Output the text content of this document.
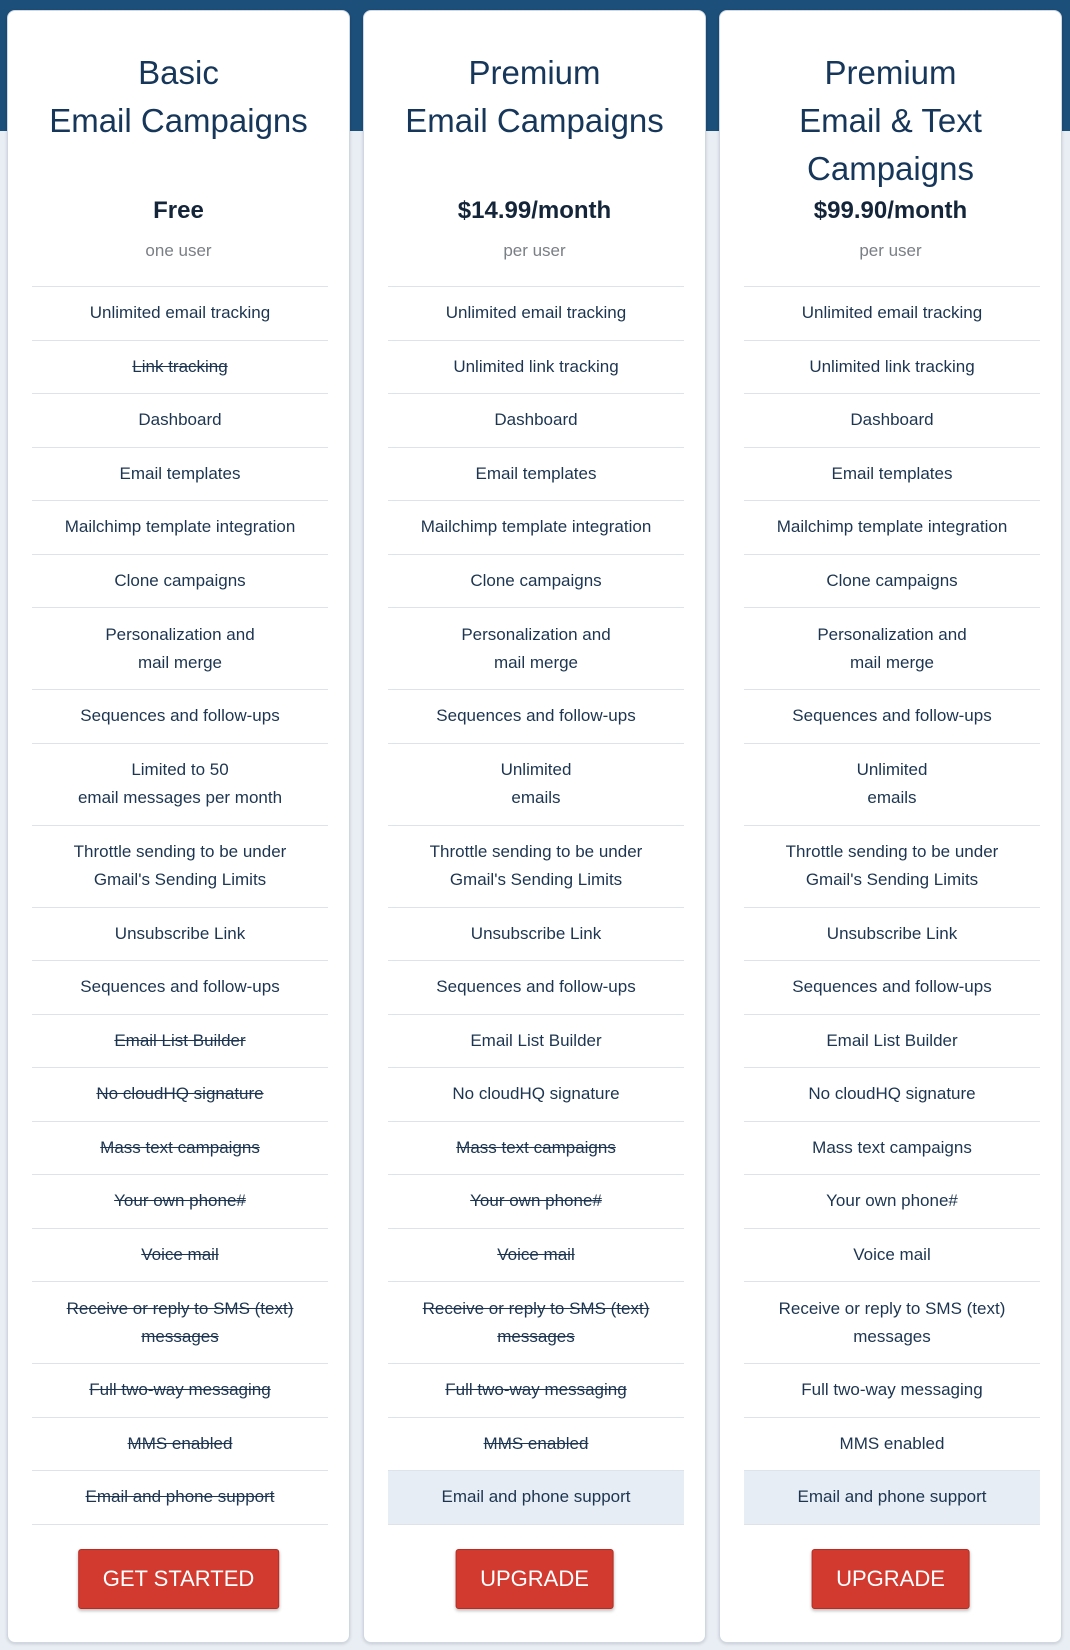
Basic
Email Campaigns
Free
one user
Unlimited email tracking
Link tracking
Dashboard
Email templates
Mailchimp template integration
Clone campaigns
Personalization and
mail merge
Sequences and follow-ups
Limited to 50
email messages per month
Throttle sending to be under
Gmail's Sending Limits
Unsubscribe Link
Sequences and follow-ups
Email List Builder
No cloudHQ signature
Mass text campaigns
Your own phone#
Voice mail
Receive or reply to SMS (text)
messages
Full two-way messaging
MMS enabled
Email and phone support
GET STARTED
Premium
Email Campaigns
$14.99/month
per user
Unlimited email tracking
Unlimited link tracking
Dashboard
Email templates
Mailchimp template integration
Clone campaigns
Personalization and
mail merge
Sequences and follow-ups
Unlimited
emails
Throttle sending to be under
Gmail's Sending Limits
Unsubscribe Link
Sequences and follow-ups
Email List Builder
No cloudHQ signature
Mass text campaigns
Your own phone#
Voice mail
Receive or reply to SMS (text)
messages
Full two-way messaging
MMS enabled
Email and phone support
UPGRADE
Premium
Email & Text
Campaigns
$99.90/month
per user
Unlimited email tracking
Unlimited link tracking
Dashboard
Email templates
Mailchimp template integration
Clone campaigns
Personalization and
mail merge
Sequences and follow-ups
Unlimited
emails
Throttle sending to be under
Gmail's Sending Limits
Unsubscribe Link
Sequences and follow-ups
Email List Builder
No cloudHQ signature
Mass text campaigns
Your own phone#
Voice mail
Receive or reply to SMS (text)
messages
Full two-way messaging
MMS enabled
Email and phone support
UPGRADE
